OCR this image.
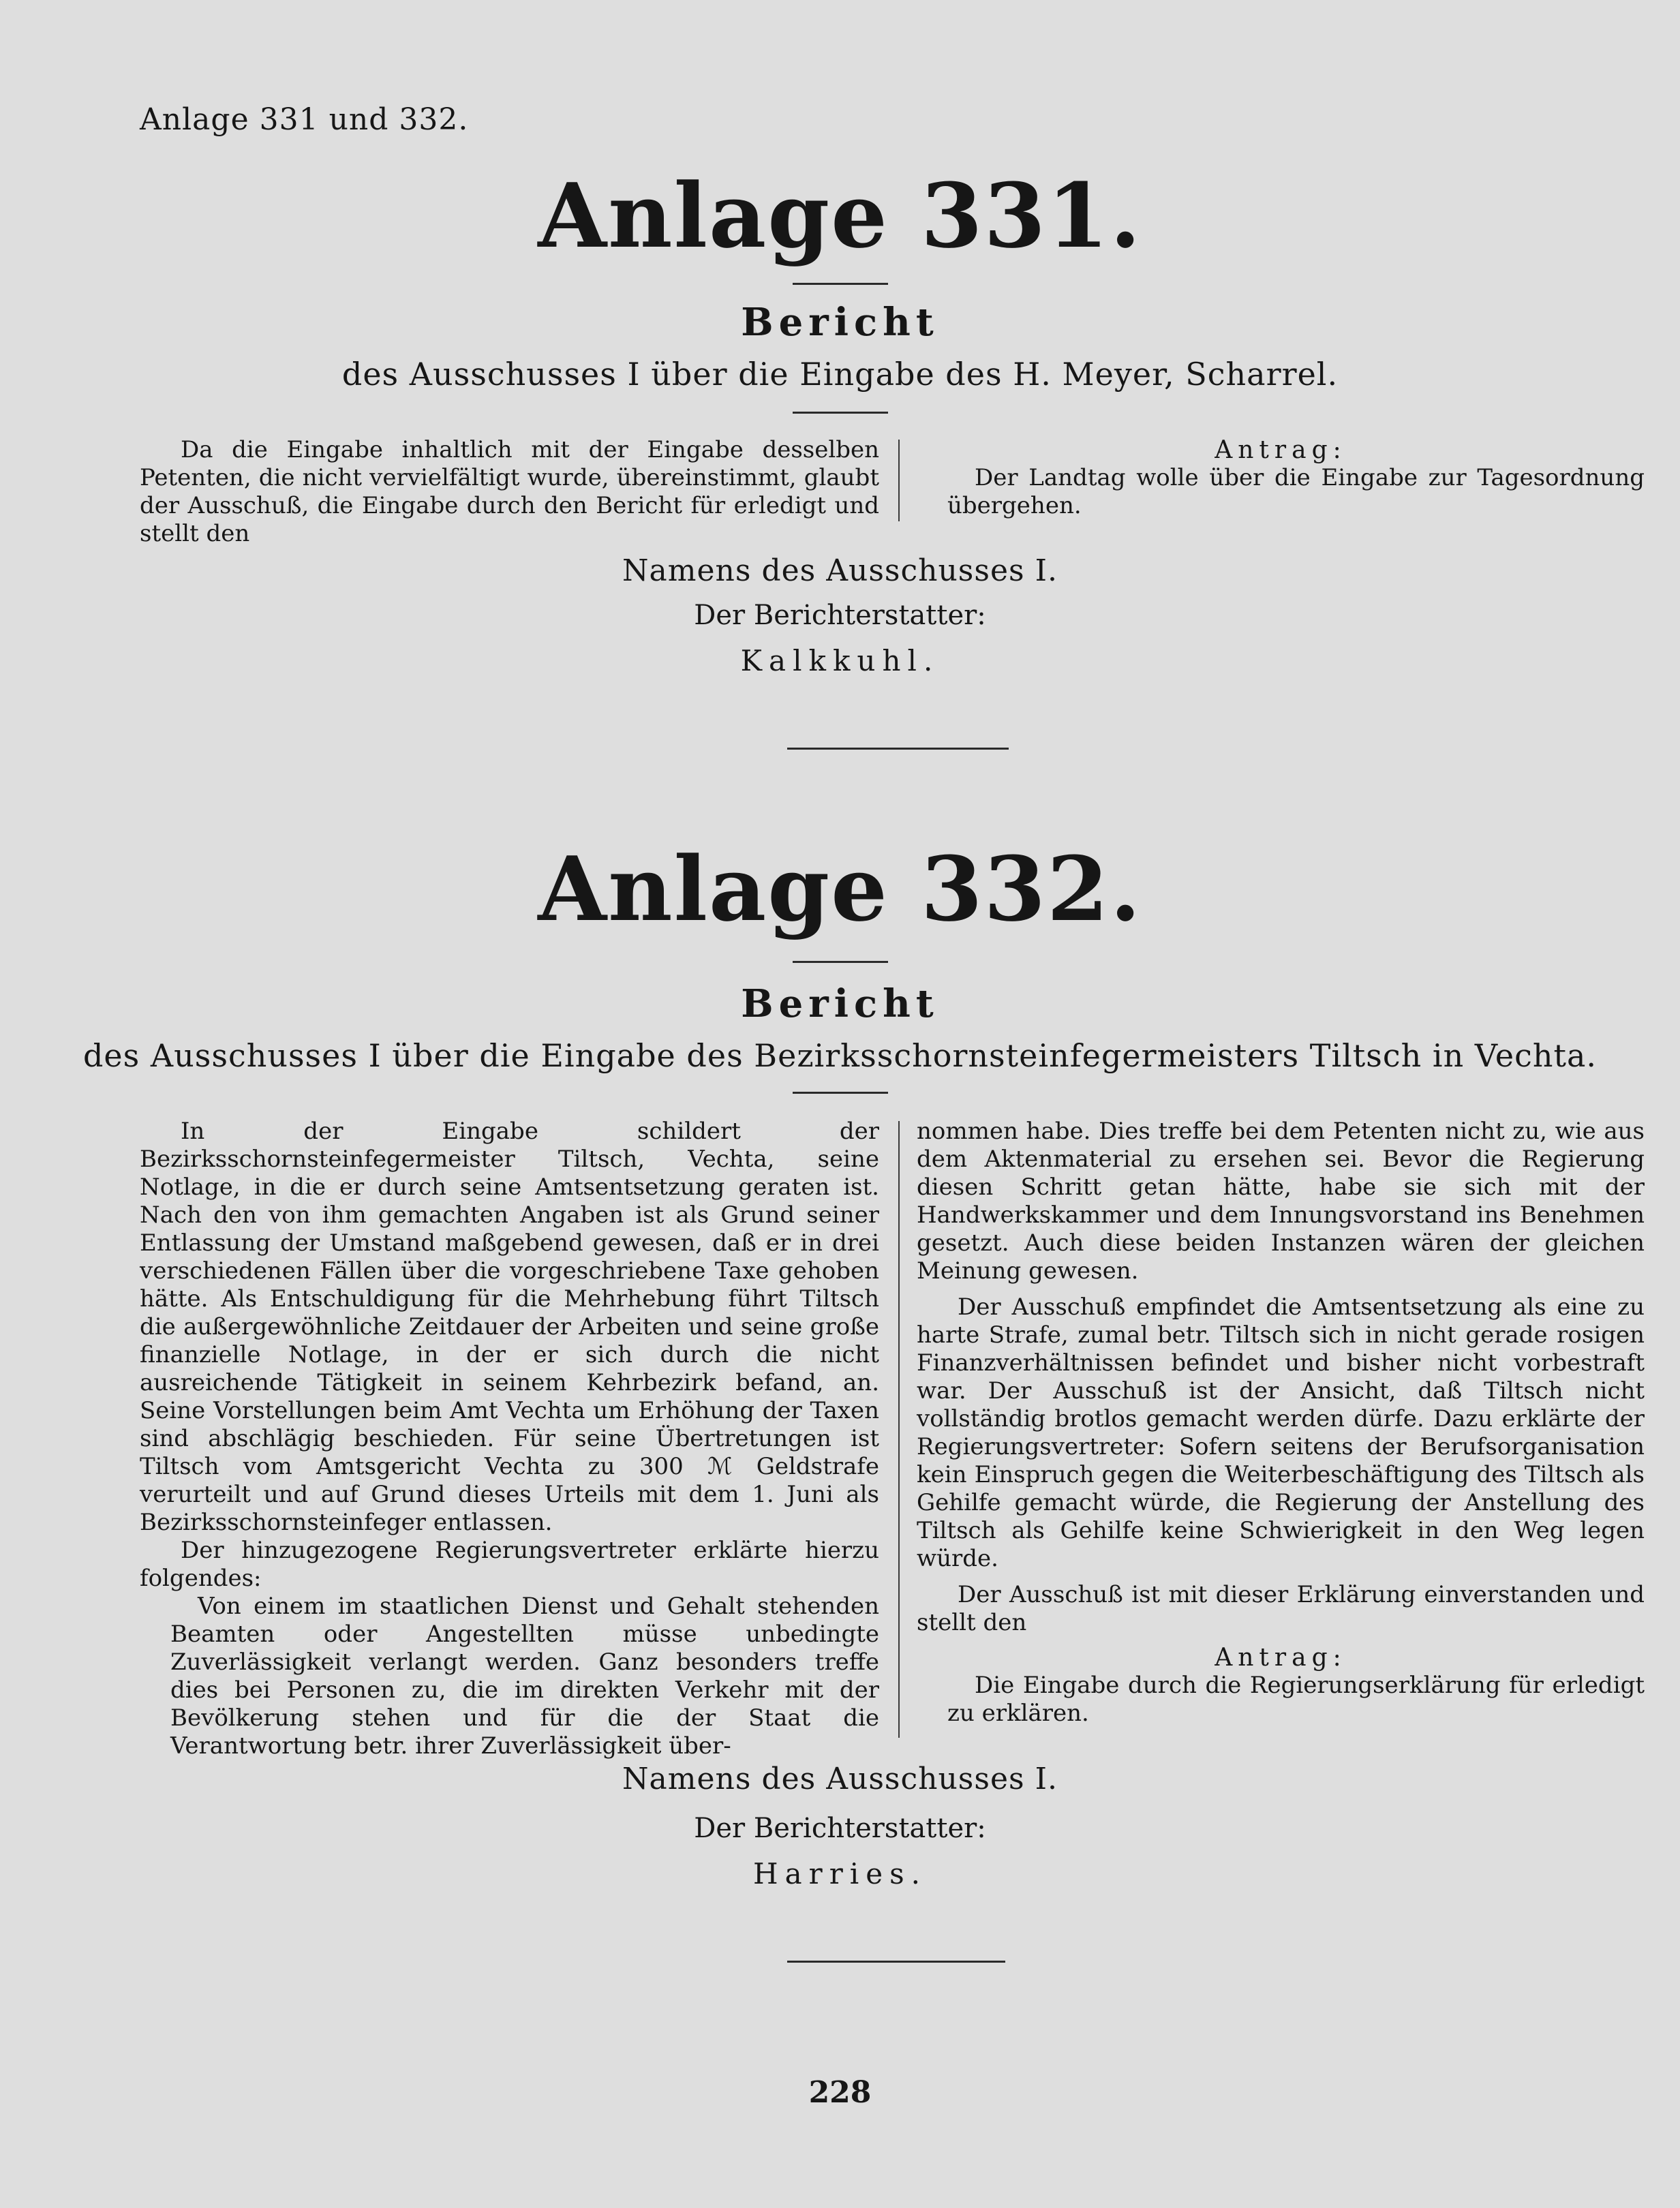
Anlage 331 und 332.
Anlage 331.
Bericht
des Ausschusses I über die Eingabe des H. Meyer, Scharrel.

Da die Eingabe inhaltlich mit der Eingabe desselben Petenten, die nicht vervielfältigt wurde, übereinstimmt, glaubt der Ausschuß, die Eingabe durch den Bericht für erledigt und stellt den

Antrag:

Der Landtag wolle über die Eingabe zur Tagesordnung übergehen.

Namens des Ausschusses I.
Der Berichterstatter:
Kalkkuhl.
Anlage 332.
Bericht
des Ausschusses I über die Eingabe des Bezirksschornsteinfegermeisters Tiltsch in Vechta.

In der Eingabe schildert der Bezirksschornsteinfegermeister Tiltsch, Vechta, seine Notlage, in die er durch seine Amtsentsetzung geraten ist. Nach den von ihm gemachten Angaben ist als Grund seiner Entlassung der Umstand maßgebend gewesen, daß er in drei verschiedenen Fällen über die vorgeschriebene Taxe gehoben hätte. Als Entschuldigung für die Mehrhebung führt Tiltsch die außergewöhnliche Zeitdauer der Arbeiten und seine große finanzielle Notlage, in der er sich durch die nicht ausreichende Tätigkeit in seinem Kehrbezirk befand, an. Seine Vorstellungen beim Amt Vechta um Erhöhung der Taxen sind abschlägig beschieden. Für seine Übertretungen ist Tiltsch vom Amtsgericht Vechta zu 300 ℳ Geldstrafe verurteilt und auf Grund dieses Urteils mit dem 1. Juni als Bezirksschornsteinfeger entlassen.

Der hinzugezogene Regierungsvertreter erklärte hierzu folgendes:

Von einem im staatlichen Dienst und Gehalt stehenden Beamten oder Angestellten müsse unbedingte Zuverlässigkeit verlangt werden. Ganz besonders treffe dies bei Personen zu, die im direkten Verkehr mit der Bevölkerung stehen und für die der Staat die Verantwortung betr. ihrer Zuverlässigkeit über-

nommen habe. Dies treffe bei dem Petenten nicht zu, wie aus dem Aktenmaterial zu ersehen sei. Bevor die Regierung diesen Schritt getan hätte, habe sie sich mit der Handwerkskammer und dem Innungsvorstand ins Benehmen gesetzt. Auch diese beiden Instanzen wären der gleichen Meinung gewesen.

Der Ausschuß empfindet die Amtsentsetzung als eine zu harte Strafe, zumal betr. Tiltsch sich in nicht gerade rosigen Finanzverhältnissen befindet und bisher nicht vorbestraft war. Der Ausschuß ist der Ansicht, daß Tiltsch nicht vollständig brotlos gemacht werden dürfe. Dazu erklärte der Regierungsvertreter: Sofern seitens der Berufsorganisation kein Einspruch gegen die Weiterbeschäftigung des Tiltsch als Gehilfe gemacht würde, die Regierung der Anstellung des Tiltsch als Gehilfe keine Schwierigkeit in den Weg legen würde.

Der Ausschuß ist mit dieser Erklärung einverstanden und stellt den

Antrag:

Die Eingabe durch die Regierungserklärung für erledigt zu erklären.

Namens des Ausschusses I.
Der Berichterstatter:
Harries.
228
